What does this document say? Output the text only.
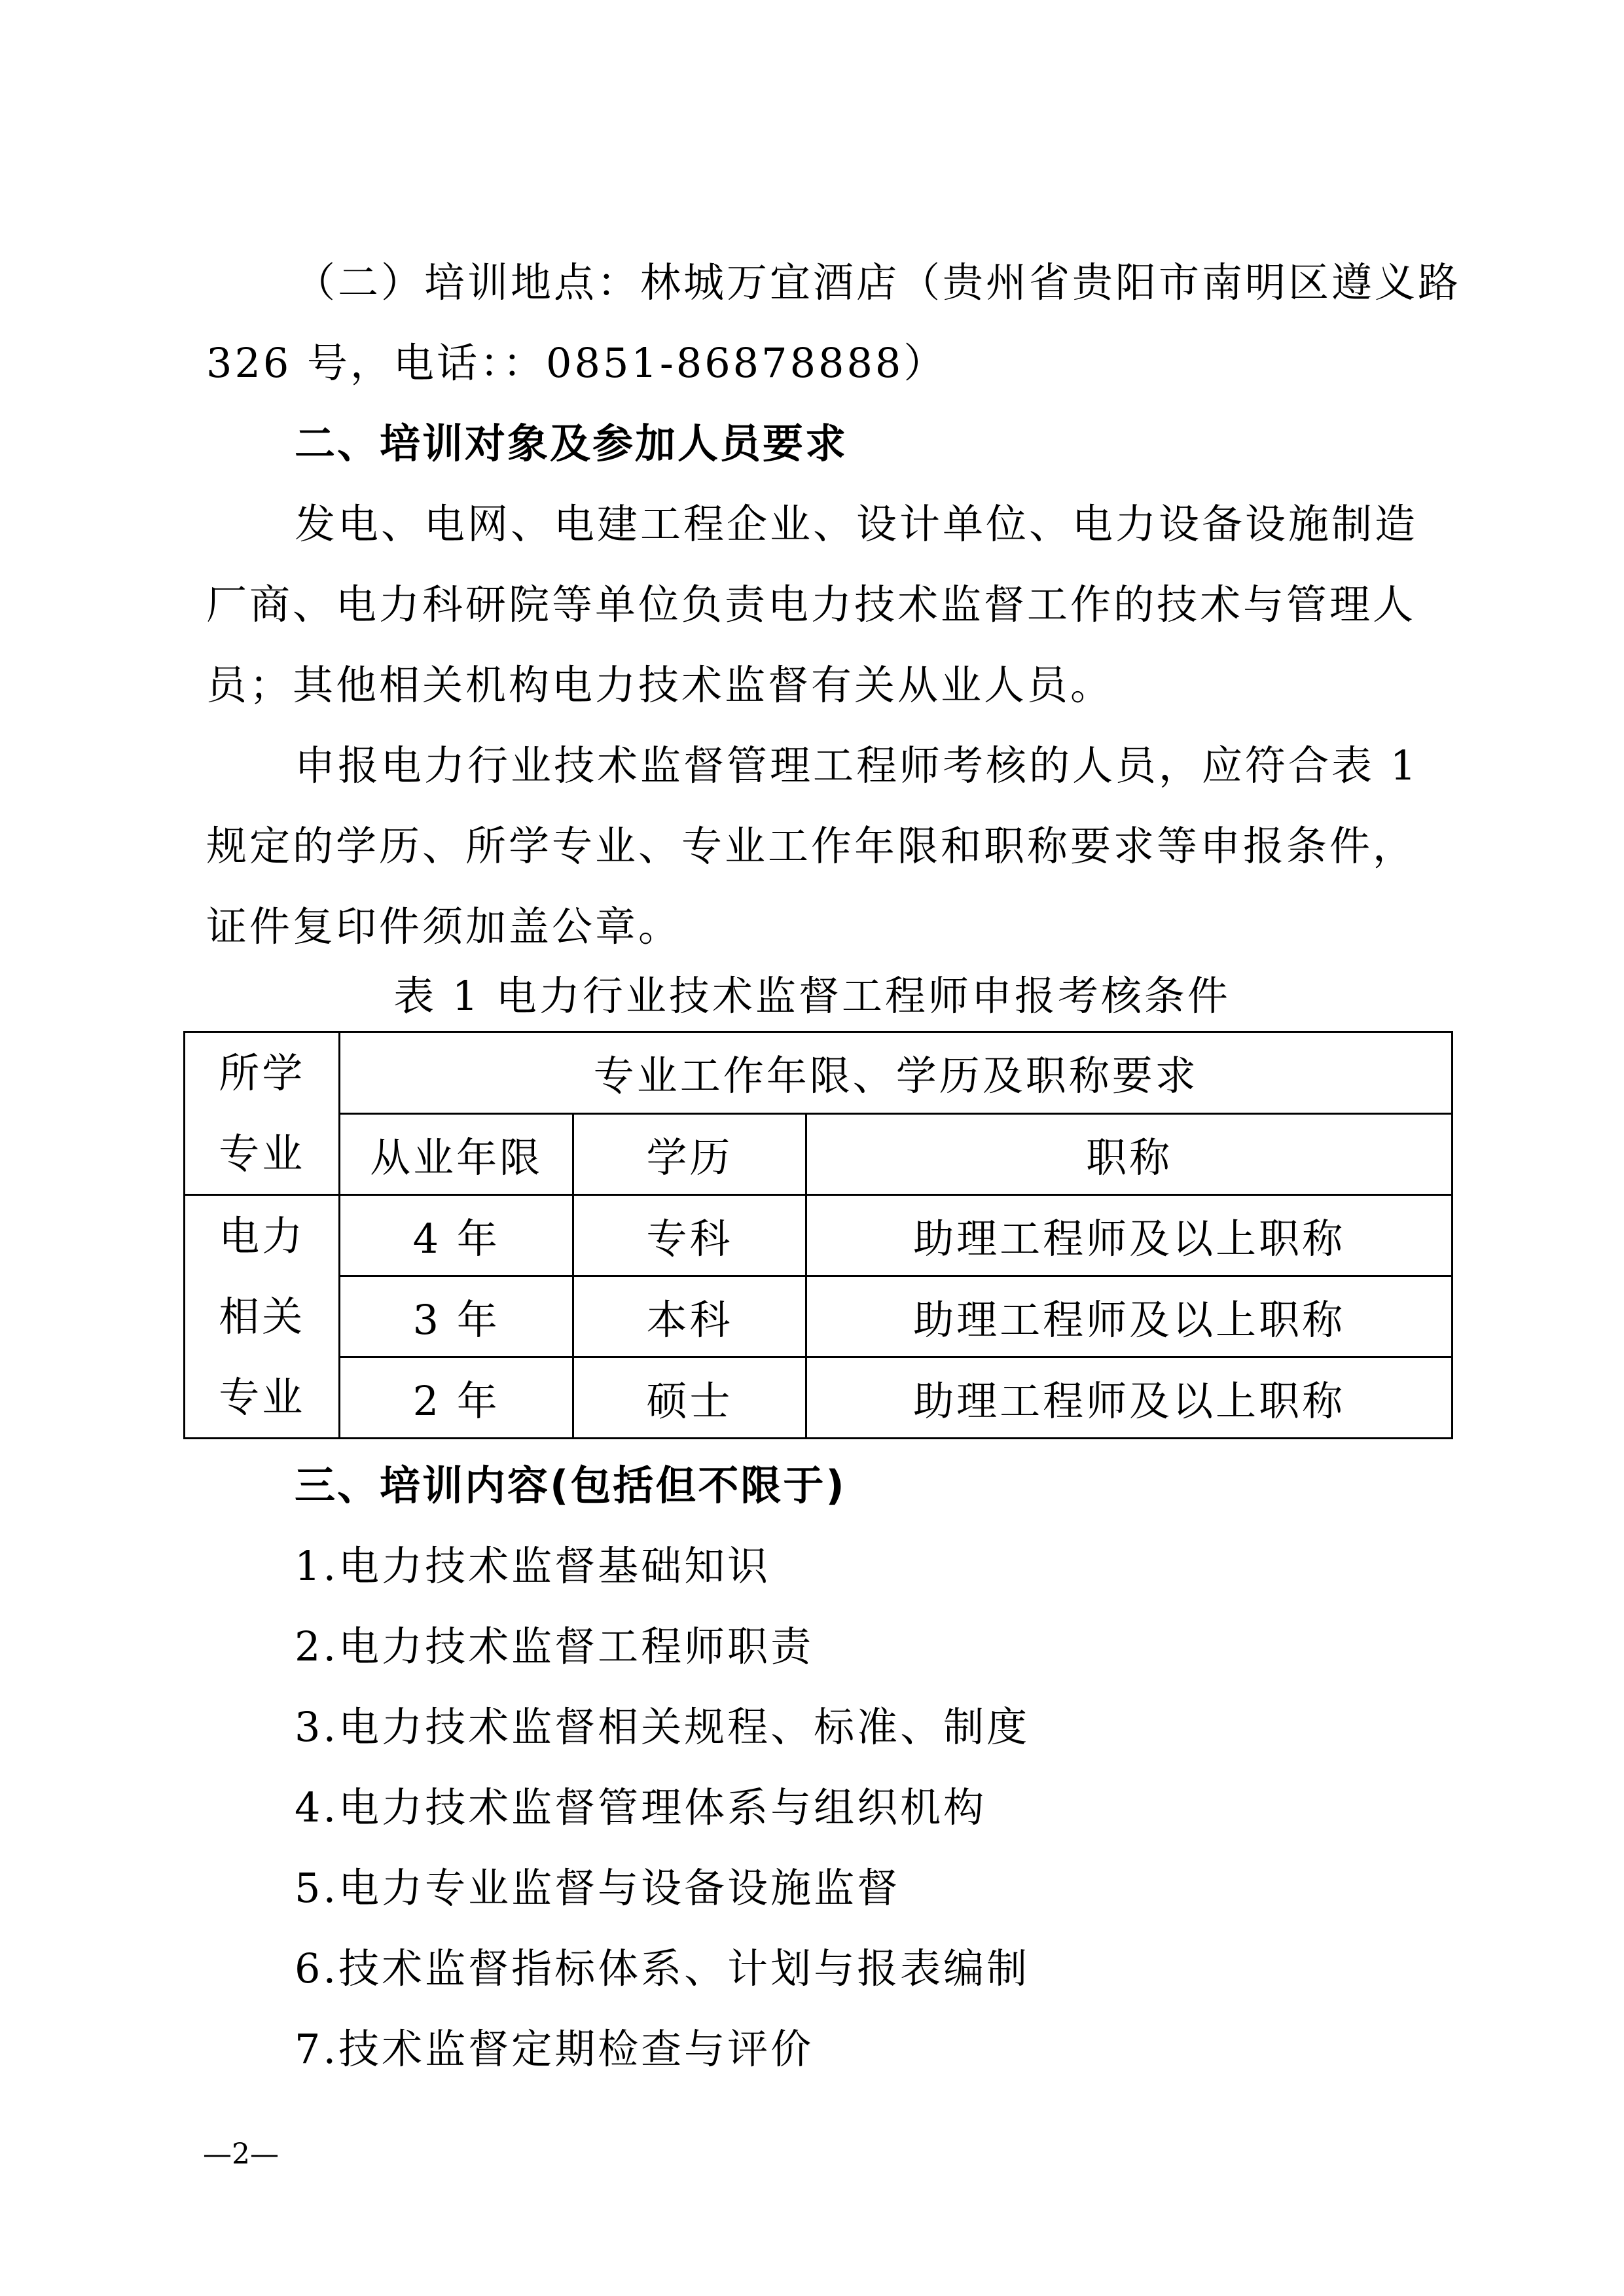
（二）培训地点：林城万宜酒店（贵州省贵阳市南明区遵义路
326 号，电话：：0851-86878888）
二、培训对象及参加人员要求
发电、电网、电建工程企业、设计单位、电力设备设施制造
厂商、电力科研院等单位负责电力技术监督工作的技术与管理人
员；其他相关机构电力技术监督有关从业人员。
申报电力行业技术监督管理工程师考核的人员，应符合表 1
规定的学历、所学专业、专业工作年限和职称要求等申报条件，
证件复印件须加盖公章。
表 1 电力行业技术监督工程师申报考核条件
所学
专业	专业工作年限、学历及职称要求		
	从业年限	学历	职称

电力
相关
专业	4 年	专科	助理工程师及以上职称
	3 年	本科	助理工程师及以上职称
	2 年	硕士	助理工程师及以上职称
三、培训内容(包括但不限于)
1.电力技术监督基础知识
2.电力技术监督工程师职责
3.电力技术监督相关规程、标准、制度
4.电力技术监督管理体系与组织机构
5.电力专业监督与设备设施监督
6.技术监督指标体系、计划与报表编制
7.技术监督定期检查与评价
—2—
